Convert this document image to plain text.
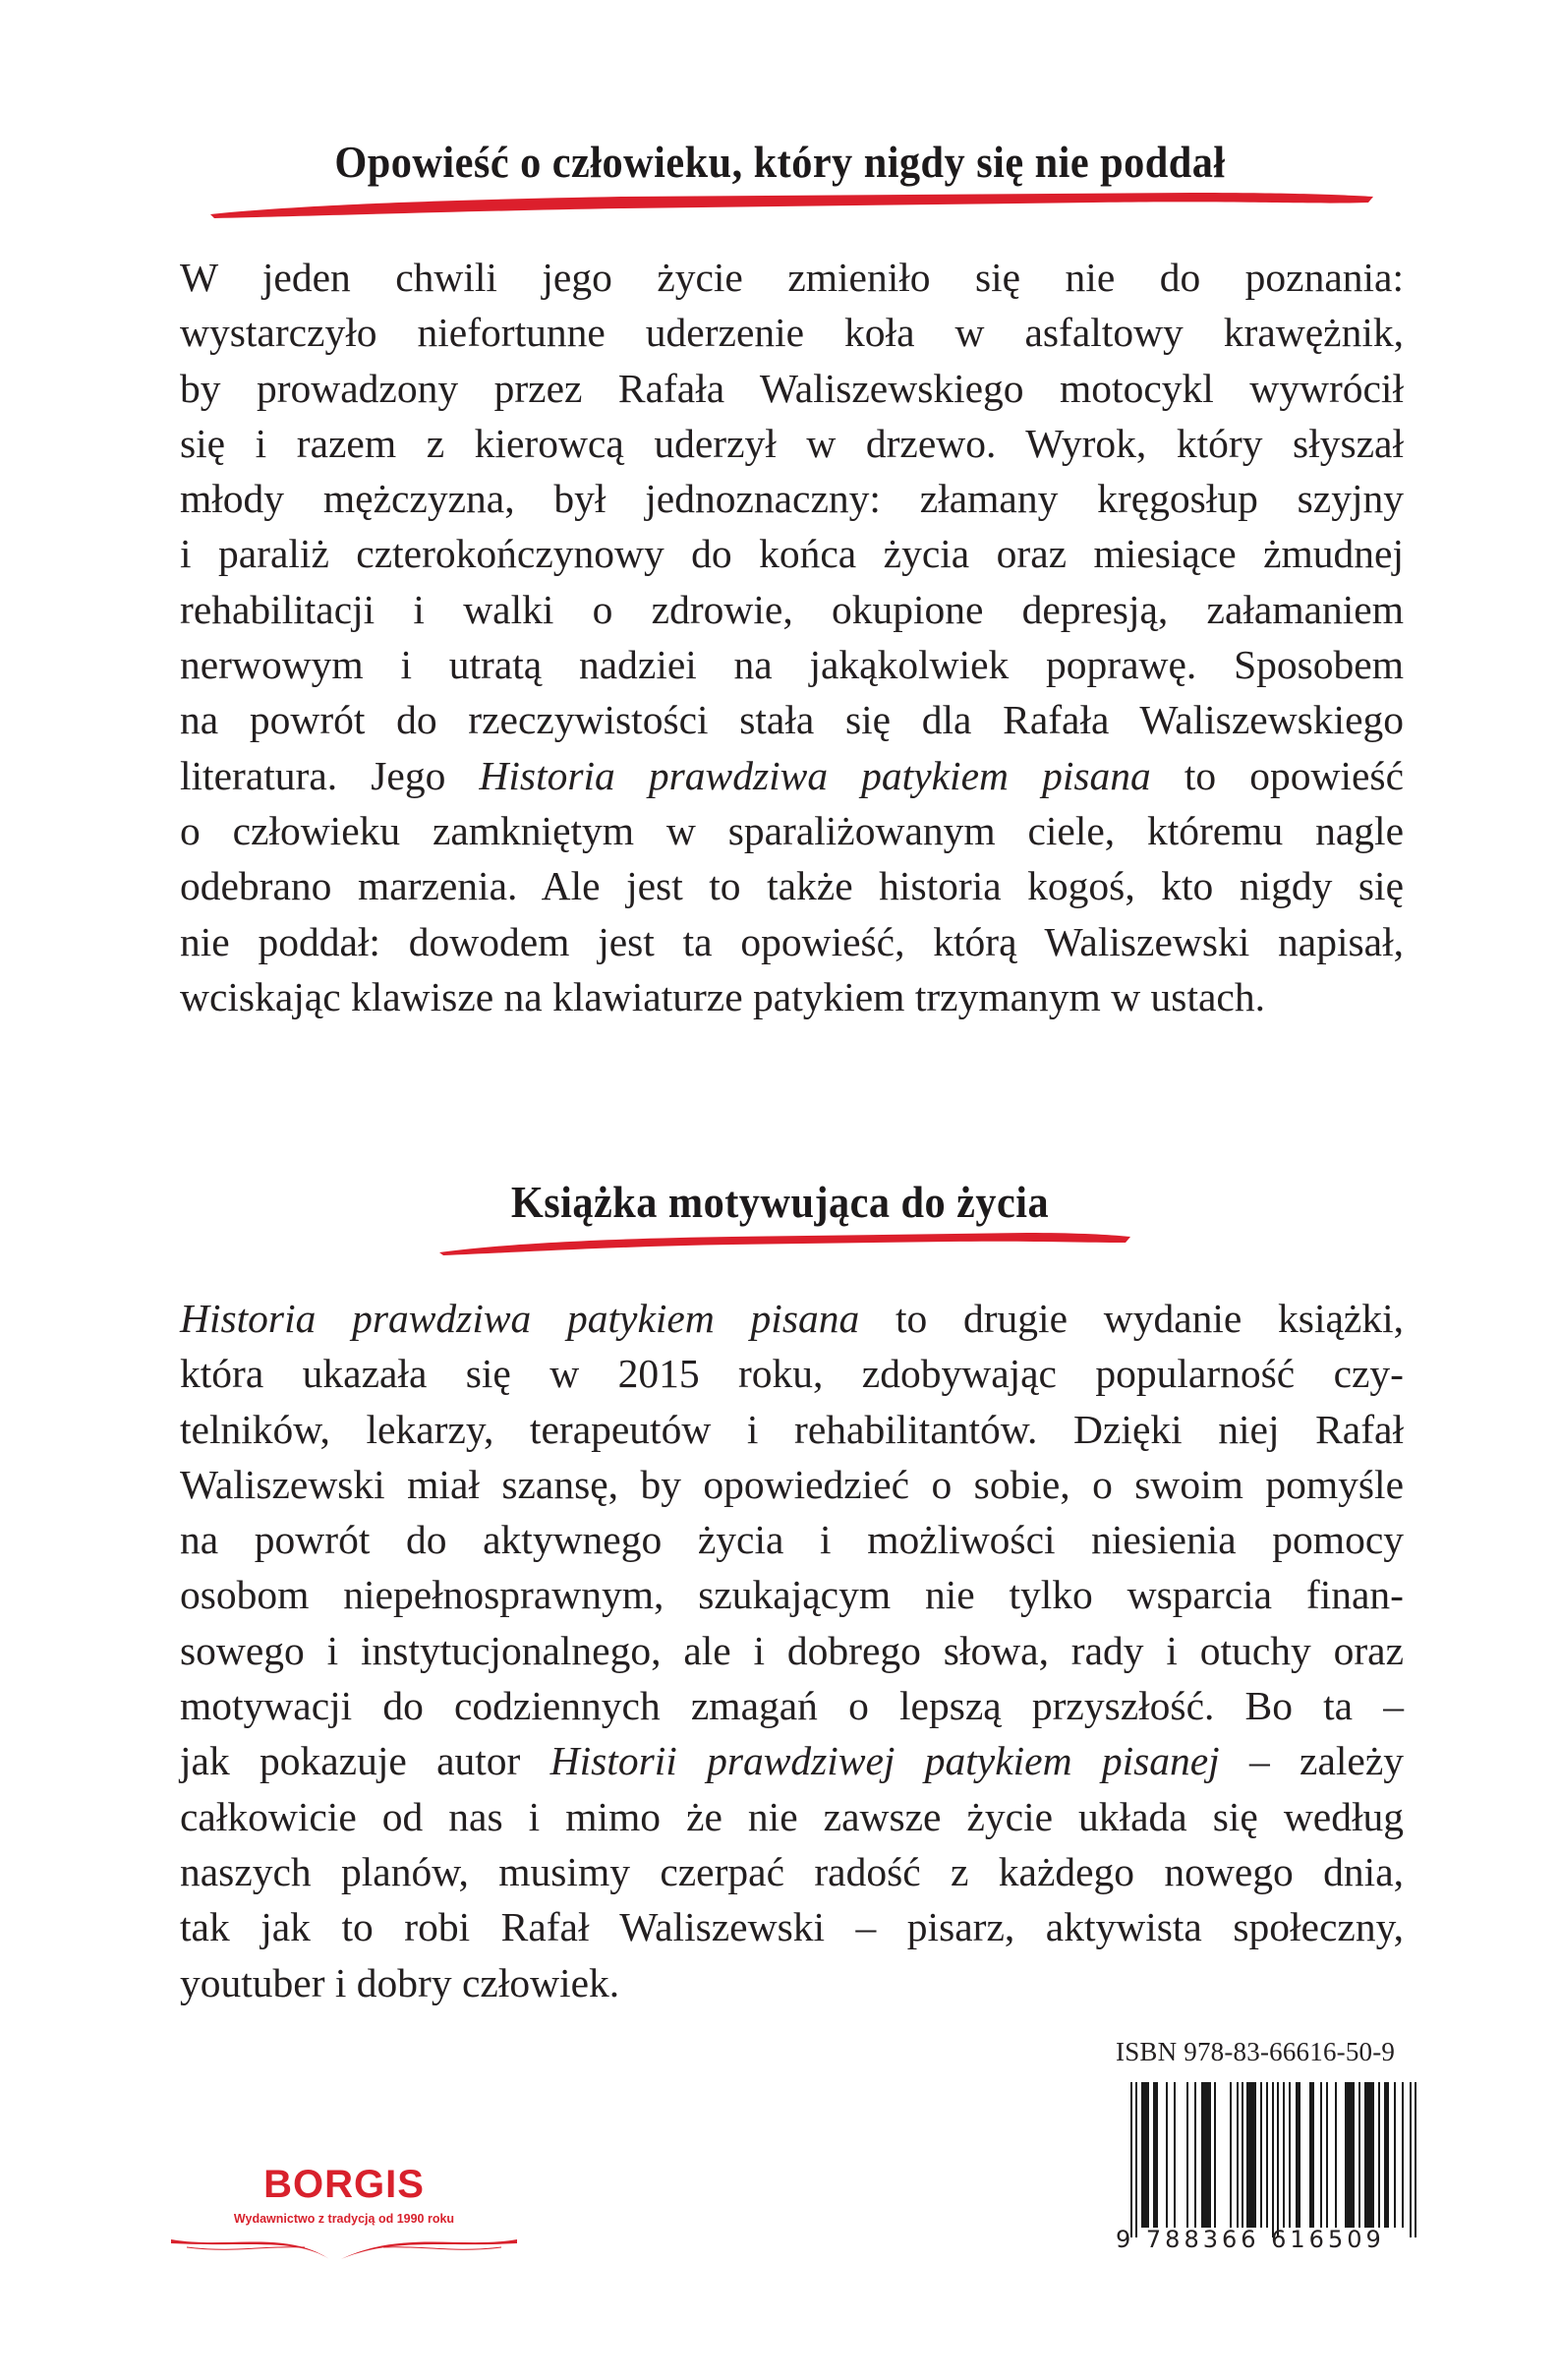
Opowieść o człowieku, który nigdy się nie poddał
W jeden chwili jego życie zmieniło się nie do poznania:
wystarczyło niefortunne uderzenie koła w asfaltowy krawężnik,
by prowadzony przez Rafała Waliszewskiego motocykl wywrócił
się i razem z kierowcą uderzył w drzewo. Wyrok, który słyszał
młody mężczyzna, był jednoznaczny: złamany kręgosłup szyjny
i paraliż czterokończynowy do końca życia oraz miesiące żmudnej
rehabilitacji i walki o zdrowie, okupione depresją, załamaniem
nerwowym i utratą nadziei na jakąkolwiek poprawę. Sposobem
na powrót do rzeczywistości stała się dla Rafała Waliszewskiego
literatura. Jego Historia prawdziwa patykiem pisana to opowieść
o człowieku zamkniętym w sparaliżowanym ciele, któremu nagle
odebrano marzenia. Ale jest to także historia kogoś, kto nigdy się
nie poddał: dowodem jest ta opowieść, którą Waliszewski napisał,
wciskając klawisze na klawiaturze patykiem trzymanym w ustach.
Książka motywująca do życia
Historia prawdziwa patykiem pisana to drugie wydanie książki,
która ukazała się w 2015 roku, zdobywając popularność czy-
telników, lekarzy, terapeutów i rehabilitantów. Dzięki niej Rafał
Waliszewski miał szansę, by opowiedzieć o sobie, o swoim pomyśle
na powrót do aktywnego życia i możliwości niesienia pomocy
osobom niepełnosprawnym, szukającym nie tylko wsparcia finan-
sowego i instytucjonalnego, ale i dobrego słowa, rady i otuchy oraz
motywacji do codziennych zmagań o lepszą przyszłość. Bo ta –
jak pokazuje autor Historii prawdziwej patykiem pisanej – zależy
całkowicie od nas i mimo że nie zawsze życie układa się według
naszych planów, musimy czerpać radość z każdego nowego dnia,
tak jak to robi Rafał Waliszewski – pisarz, aktywista społeczny,
youtuber i dobry człowiek.
ISBN 978-83-66616-50-9
9 788366 616509
BORGIS
Wydawnictwo z tradycją od 1990 roku
